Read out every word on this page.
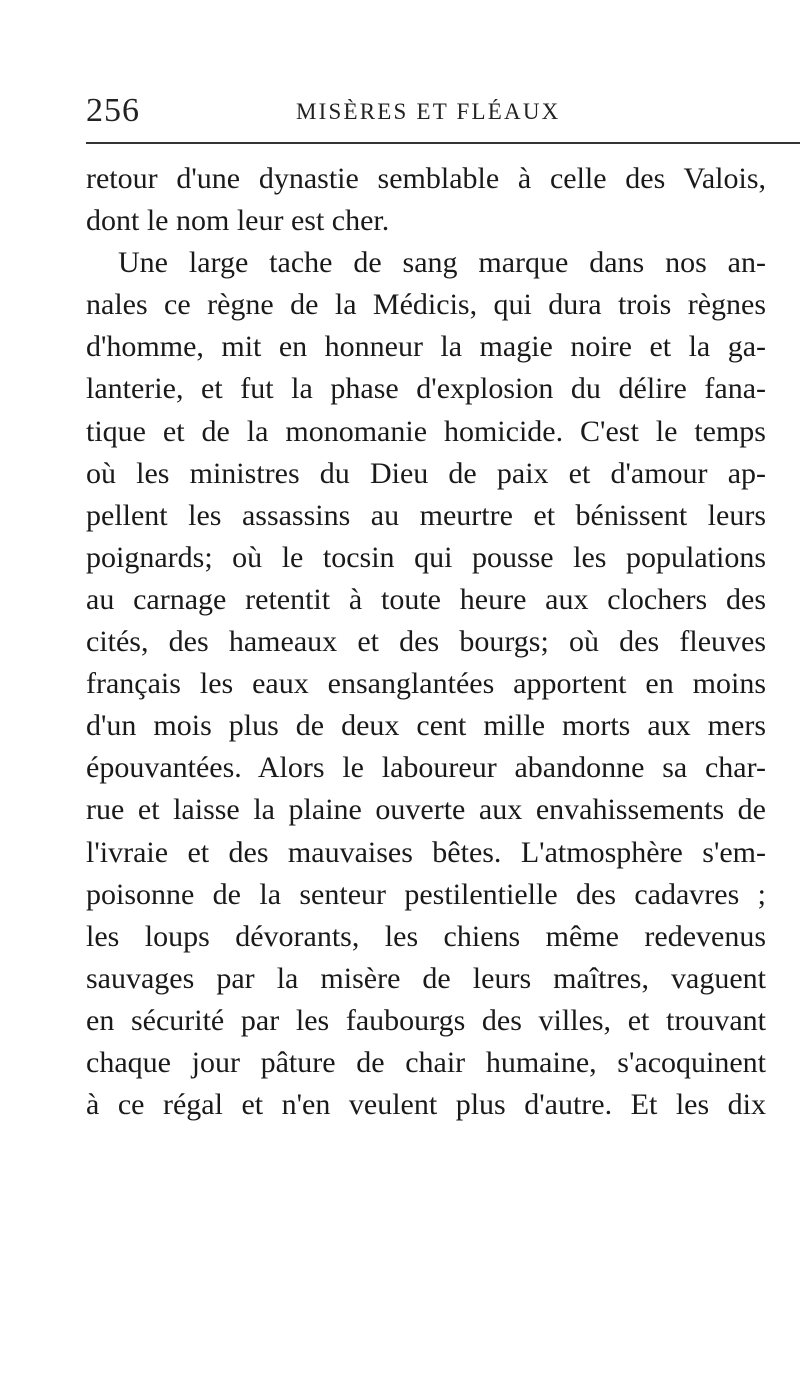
256	MISÈRES ET FLÉAUX
retour d'une dynastie semblable à celle des Valois,
dont le nom leur est cher.
Une large tache de sang marque dans nos an-
nales ce règne de la Médicis, qui dura trois règnes
d'homme, mit en honneur la magie noire et la ga-
lanterie, et fut la phase d'explosion du délire fana-
tique et de la monomanie homicide. C'est le temps
où les ministres du Dieu de paix et d'amour ap-
pellent les assassins au meurtre et bénissent leurs
poignards; où le tocsin qui pousse les populations
au carnage retentit à toute heure aux clochers des
cités, des hameaux et des bourgs; où des fleuves
français les eaux ensanglantées apportent en moins
d'un mois plus de deux cent mille morts aux mers
épouvantées. Alors le laboureur abandonne sa char-
rue et laisse la plaine ouverte aux envahissements de
l'ivraie et des mauvaises bêtes. L'atmosphère s'em-
poisonne de la senteur pestilentielle des cadavres ;
les loups dévorants, les chiens même redevenus
sauvages par la misère de leurs maîtres, vaguent
en sécurité par les faubourgs des villes, et trouvant
chaque jour pâture de chair humaine, s'acoquinent
à ce régal et n'en veulent plus d'autre. Et les dix
